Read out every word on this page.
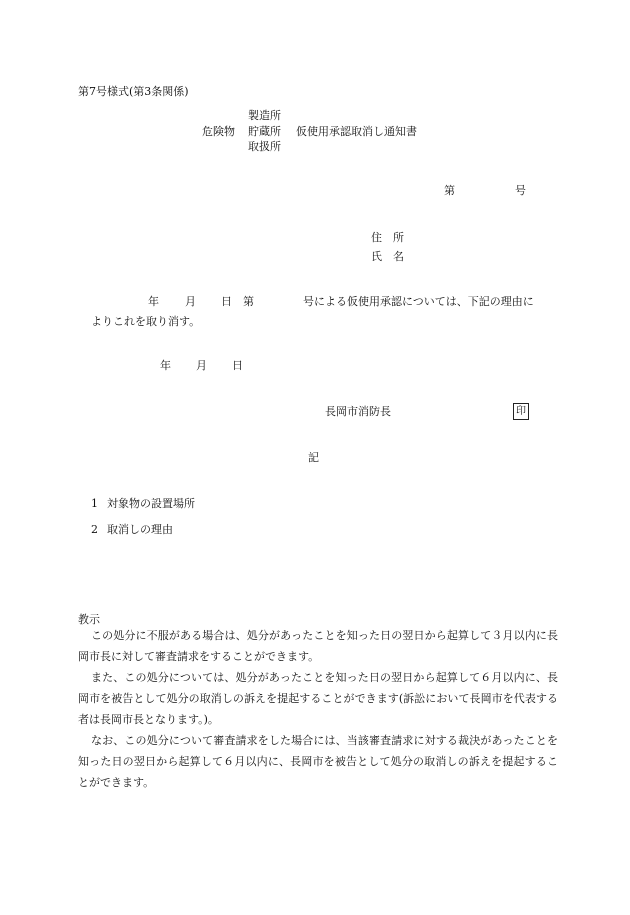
第7号様式(第3条関係)
製造所
危険物 貯蔵所 仮使用承認取消し通知書
取扱所
第	号
住　所
氏　名
年 月 日 第	号による仮使用承認については、下記の理由に
よりこれを取り消す。
年 月 日
長岡市消防長	印
記
1 対象物の設置場所
2 取消しの理由
教示

この処分に不服がある場合は、処分があったことを知った日の翌日から起算して３月以内に長岡市長に対して審査請求をすることができます。

また、この処分については、処分があったことを知った日の翌日から起算して６月以内に、長岡市を被告として処分の取消しの訴えを提起することができます(訴訟において長岡市を代表する者は長岡市長となります。)。

なお、この処分について審査請求をした場合には、当該審査請求に対する裁決があったことを知った日の翌日から起算して６月以内に、長岡市を被告として処分の取消しの訴えを提起することができます。
